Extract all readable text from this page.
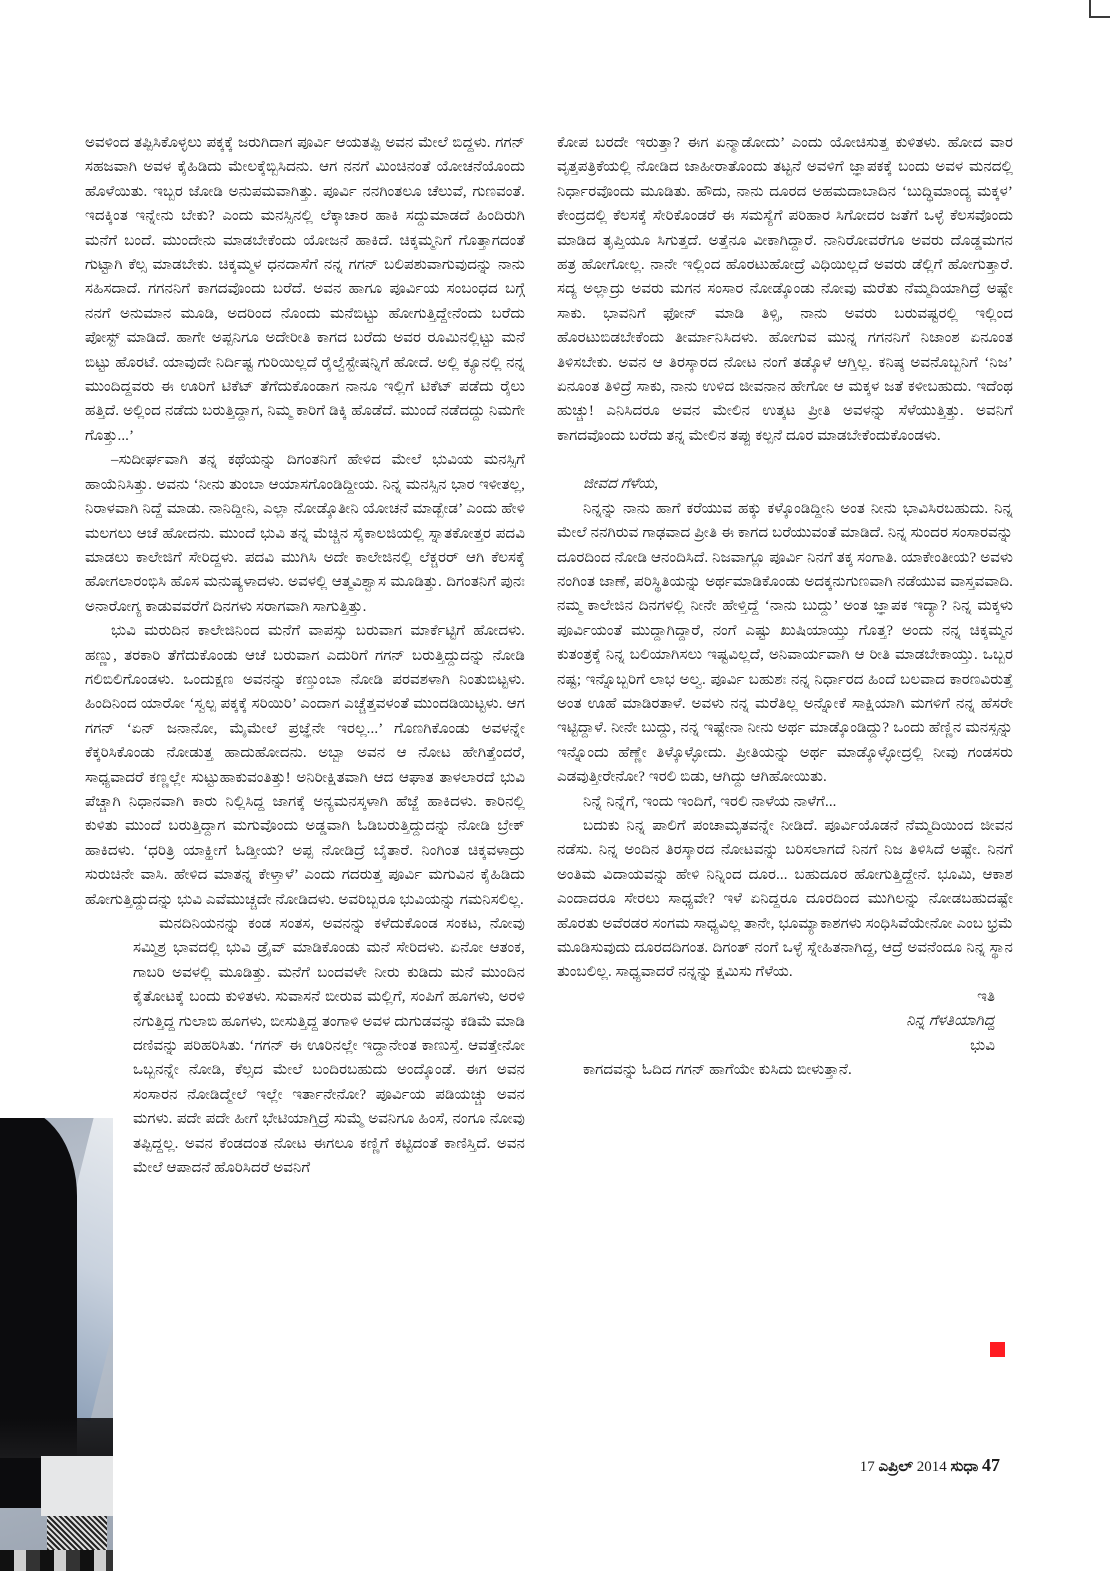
ಅವಳಿಂದ ತಪ್ಪಿಸಿಕೊಳ್ಳಲು ಪಕ್ಕಕ್ಕೆ ಜರುಗಿದಾಗ ಪೂರ್ವಿ ಆಯತಪ್ಪಿ ಅವನ ಮೇಲೆ ಬಿದ್ದಳು. ಗಗನ್ ಸಹಜವಾಗಿ ಅವಳ ಕೈಹಿಡಿದು ಮೇಲಕ್ಕೆಬ್ಬಿಸಿದನು. ಆಗ ನನಗೆ ಮಿಂಚಿನಂತೆ ಯೋಚನೆಯೊಂದು ಹೊಳೆಯಿತು. ಇಬ್ಬರ ಜೋಡಿ ಅನುಪಮವಾಗಿತ್ತು. ಪೂರ್ವಿ ನನಗಿಂತಲೂ ಚೆಲುವೆ, ಗುಣವಂತೆ. ಇದಕ್ಕಿಂತ ಇನ್ನೇನು ಬೇಕು? ಎಂದು ಮನಸ್ಸಿನಲ್ಲಿ ಲೆಕ್ಕಾಚಾರ ಹಾಕಿ ಸದ್ದುಮಾಡದೆ ಹಿಂದಿರುಗಿ ಮನೆಗೆ ಬಂದೆ. ಮುಂದೇನು ಮಾಡಬೇಕೆಂದು ಯೋಜನೆ ಹಾಕಿದೆ. ಚಿಕ್ಕಮ್ಮನಿಗೆ ಗೊತ್ತಾಗದಂತೆ ಗುಟ್ಟಾಗಿ ಕೆಲ್ಸ ಮಾಡಬೇಕು. ಚಿಕ್ಕಮ್ಮಳ ಧನದಾಸೆಗೆ ನನ್ನ ಗಗನ್ ಬಲಿಪಶುವಾಗುವುದನ್ನು ನಾನು ಸಹಿಸದಾದೆ. ಗಗನನಿಗೆ ಕಾಗದವೊಂದು ಬರೆದೆ. ಅವನ ಹಾಗೂ ಪೂರ್ವಿಯ ಸಂಬಂಧದ ಬಗ್ಗೆ ನನಗೆ ಅನುಮಾನ ಮೂಡಿ, ಅದರಿಂದ ನೊಂದು ಮನೆಬಿಟ್ಟು ಹೋಗುತ್ತಿದ್ದೇನೆಂದು ಬರೆದು ಪೋಸ್ಟ್ ಮಾಡಿದೆ. ಹಾಗೇ ಅಪ್ಪನಿಗೂ ಅದೇರೀತಿ ಕಾಗದ ಬರೆದು ಅವರ ರೂಮಿನಲ್ಲಿಟ್ಟು ಮನೆ ಬಿಟ್ಟು ಹೊರಟೆ. ಯಾವುದೇ ನಿರ್ದಿಷ್ಟ ಗುರಿಯಿಲ್ಲದೆ ರೈಲ್ವೆಸ್ಟೇಷನ್ನಿಗೆ ಹೋದೆ. ಅಲ್ಲಿ ಕ್ಯೂನಲ್ಲಿ ನನ್ನ ಮುಂದಿದ್ದವರು ಈ ಊರಿಗೆ ಟಿಕೆಟ್ ತೆಗೆದುಕೊಂಡಾಗ ನಾನೂ ಇಲ್ಲಿಗೆ ಟಿಕೆಟ್ ಪಡೆದು ರೈಲು ಹತ್ತಿದೆ. ಅಲ್ಲಿಂದ ನಡೆದು ಬರುತ್ತಿದ್ದಾಗ, ನಿಮ್ಮ ಕಾರಿಗೆ ಡಿಕ್ಕಿ ಹೊಡೆದೆ. ಮುಂದೆ ನಡೆದದ್ದು ನಿಮಗೇ ಗೊತ್ತು...’

–ಸುದೀರ್ಘವಾಗಿ ತನ್ನ ಕಥೆಯನ್ನು ದಿಗಂತನಿಗೆ ಹೇಳಿದ ಮೇಲೆ ಭುವಿಯ ಮನಸ್ಸಿಗೆ ಹಾಯೆನಿಸಿತ್ತು. ಅವನು ‘ನೀನು ತುಂಬಾ ಆಯಾಸಗೊಂಡಿದ್ದೀಯ. ನಿನ್ನ ಮನಸ್ಸಿನ ಭಾರ ಇಳೀತಲ್ಲ, ನಿರಾಳವಾಗಿ ನಿದ್ದೆ ಮಾಡು. ನಾನಿದ್ದೀನಿ, ಎಲ್ಲಾ ನೋಡ್ಕೊತೀನಿ ಯೋಚನೆ ಮಾಡ್ಬೇಡ’ ಎಂದು ಹೇಳಿ ಮಲಗಲು ಆಚೆ ಹೋದನು. ಮುಂದೆ ಭುವಿ ತನ್ನ ಮೆಚ್ಚಿನ ಸೈಕಾಲಜಿಯಲ್ಲಿ ಸ್ನಾತಕೋತ್ತರ ಪದವಿ ಮಾಡಲು ಕಾಲೇಜಿಗೆ ಸೇರಿದ್ದಳು. ಪದವಿ ಮುಗಿಸಿ ಅದೇ ಕಾಲೇಜಿನಲ್ಲಿ ಲೆಕ್ಚರರ್ ಆಗಿ ಕೆಲಸಕ್ಕೆ ಹೋಗಲಾರಂಭಿಸಿ ಹೊಸ ಮನುಷ್ಯಳಾದಳು. ಅವಳಲ್ಲಿ ಆತ್ಮವಿಶ್ವಾಸ ಮೂಡಿತ್ತು. ದಿಗಂತನಿಗೆ ಪುನಃ ಅನಾರೋಗ್ಯ ಕಾಡುವವರೆಗೆ ದಿನಗಳು ಸರಾಗವಾಗಿ ಸಾಗುತ್ತಿತ್ತು.

ಭುವಿ ಮರುದಿನ ಕಾಲೇಜಿನಿಂದ ಮನೆಗೆ ವಾಪಸ್ಸು ಬರುವಾಗ ಮಾರ್ಕೆಟ್ಟಿಗೆ ಹೋದಳು. ಹಣ್ಣು, ತರಕಾರಿ ತೆಗೆದುಕೊಂಡು ಆಚೆ ಬರುವಾಗ ಎದುರಿಗೆ ಗಗನ್ ಬರುತ್ತಿದ್ದುದನ್ನು ನೋಡಿ ಗಲಿಬಿಲಿಗೊಂಡಳು. ಒಂದುಕ್ಷಣ ಅವನನ್ನು ಕಣ್ತುಂಬಾ ನೋಡಿ ಪರವಶಳಾಗಿ ನಿಂತುಬಿಟ್ಟಳು. ಹಿಂದಿನಿಂದ ಯಾರೋ ‘ಸ್ವಲ್ಪ ಪಕ್ಕಕ್ಕೆ ಸರಿಯಿರಿ’ ಎಂದಾಗ ಎಚ್ಚೆತ್ತವಳಂತೆ ಮುಂದಡಿಯಿಟ್ಟಳು. ಆಗ ಗಗನ್ ‘ಏನ್ ಜನಾನೋ, ಮೈಮೇಲೆ ಪ್ರಜ್ಞೆನೇ ಇರಲ್ಲ...’ ಗೊಣಗಿಕೊಂಡು ಅವಳನ್ನೇ ಕೆಕ್ಕರಿಸಿಕೊಂಡು ನೋಡುತ್ತ ಹಾದುಹೋದನು. ಅಬ್ಬಾ ಅವನ ಆ ನೋಟ ಹೇಗಿತ್ತೆಂದರೆ, ಸಾಧ್ಯವಾದರೆ ಕಣ್ಣಲ್ಲೇ ಸುಟ್ಟುಹಾಕುವಂತಿತ್ತು! ಅನಿರೀಕ್ಷಿತವಾಗಿ ಆದ ಆಘಾತ ತಾಳಲಾರದೆ ಭುವಿ ಪೆಚ್ಚಾಗಿ ನಿಧಾನವಾಗಿ ಕಾರು ನಿಲ್ಲಿಸಿದ್ದ ಜಾಗಕ್ಕೆ ಅನ್ಯಮನಸ್ಕಳಾಗಿ ಹೆಜ್ಜೆ ಹಾಕಿದಳು. ಕಾರಿನಲ್ಲಿ ಕುಳಿತು ಮುಂದೆ ಬರುತ್ತಿದ್ದಾಗ ಮಗುವೊಂದು ಅಡ್ಡವಾಗಿ ಓಡಿಬರುತ್ತಿದ್ದುದನ್ನು ನೋಡಿ ಬ್ರೇಕ್ ಹಾಕಿದಳು. ‘ಧರಿತ್ರಿ ಯಾಕ್ಹೀಗೆ ಓಡ್ತೀಯ? ಅಪ್ಪ ನೋಡಿದ್ರೆ ಬೈತಾರೆ. ನಿಂಗಿಂತ ಚಿಕ್ಕವಳಾದ್ರು ಸುರುಚಿನೇ ವಾಸಿ. ಹೇಳಿದ ಮಾತನ್ನ ಕೇಳ್ತಾಳೆ’ ಎಂದು ಗದರುತ್ತ ಪೂರ್ವಿ ಮಗುವಿನ ಕೈಹಿಡಿದು ಹೋಗುತ್ತಿದ್ದುದನ್ನು ಭುವಿ ಎವೆಮುಚ್ಚದೇ ನೋಡಿದಳು. ಅವರಿಬ್ಬರೂ ಭುವಿಯನ್ನು ಗಮನಿಸಲಿಲ್ಲ.

ಮನದಿನಿಯನನ್ನು ಕಂಡ ಸಂತಸ, ಅವನನ್ನು ಕಳೆದುಕೊಂಡ ಸಂಕಟ, ನೋವು ಸಮ್ಮಿಶ್ರ ಭಾವದಲ್ಲಿ ಭುವಿ ಡ್ರೈವ್ ಮಾಡಿಕೊಂಡು ಮನೆ ಸೇರಿದಳು. ಏನೋ ಆತಂಕ, ಗಾಬರಿ ಅವಳಲ್ಲಿ ಮೂಡಿತ್ತು. ಮನೆಗೆ ಬಂದವಳೇ ನೀರು ಕುಡಿದು ಮನೆ ಮುಂದಿನ ಕೈತೋಟಕ್ಕೆ ಬಂದು ಕುಳಿತಳು. ಸುವಾಸನೆ ಬೀರುವ ಮಲ್ಲಿಗೆ, ಸಂಪಿಗೆ ಹೂಗಳು, ಅರಳಿ ನಗುತ್ತಿದ್ದ ಗುಲಾಬಿ ಹೂಗಳು, ಬೀಸುತ್ತಿದ್ದ ತಂಗಾಳಿ ಅವಳ ದುಗುಡವನ್ನು ಕಡಿಮೆ ಮಾಡಿ ದಣಿವನ್ನು ಪರಿಹರಿಸಿತು. ‘ಗಗನ್ ಈ ಊರಿನಲ್ಲೇ ಇದ್ದಾನೇಂತ ಕಾಣುಸ್ತೆ. ಆವತ್ತೇನೋ ಒಬ್ಬನನ್ನೇ ನೋಡಿ, ಕೆಲ್ಸದ ಮೇಲೆ ಬಂದಿರಬಹುದು ಅಂದ್ಕೊಂಡೆ. ಈಗ ಅವನ ಸಂಸಾರನ ನೋಡಿದ್ಮೇಲೆ ಇಲ್ಲೇ ಇರ್ತಾನೇನೋ? ಪೂರ್ವಿಯ ಪಡಿಯಚ್ಚು ಅವನ ಮಗಳು. ಪದೇ ಪದೇ ಹೀಗೆ ಭೇಟಿಯಾಗ್ತಿದ್ರೆ ಸುಮ್ಮೆ ಅವನಿಗೂ ಹಿಂಸೆ, ನಂಗೂ ನೋವು ತಪ್ಪಿದ್ದಲ್ಲ. ಅವನ ಕೆಂಡದಂತ ನೋಟ ಈಗಲೂ ಕಣ್ಣಿಗೆ ಕಟ್ಟಿದಂತೆ ಕಾಣಿಸ್ತಿದೆ. ಅವನ ಮೇಲೆ ಆಪಾದನೆ ಹೊರಿಸಿದರೆ ಅವನಿಗೆ

ಕೋಪ ಬರದೇ ಇರುತ್ತಾ? ಈಗ ಏನ್ಮಾಡೋದು’ ಎಂದು ಯೋಚಿಸುತ್ತ ಕುಳಿತಳು. ಹೋದ ವಾರ ವೃತ್ತಪತ್ರಿಕೆಯಲ್ಲಿ ನೋಡಿದ ಜಾಹೀರಾತೊಂದು ತಟ್ಟನೆ ಅವಳಿಗೆ ಜ್ಞಾಪಕಕ್ಕೆ ಬಂದು ಅವಳ ಮನದಲ್ಲಿ ನಿರ್ಧಾರವೊಂದು ಮೂಡಿತು. ಹೌದು, ನಾನು ದೂರದ ಅಹಮದಾಬಾದಿನ ‘ಬುದ್ಧಿಮಾಂದ್ಯ ಮಕ್ಕಳ’ ಕೇಂದ್ರದಲ್ಲಿ ಕೆಲಸಕ್ಕೆ ಸೇರಿಕೊಂಡರೆ ಈ ಸಮಸ್ಯೆಗೆ ಪರಿಹಾರ ಸಿಗೋದರ ಜತೆಗೆ ಒಳ್ಳೆ ಕೆಲಸವೊಂದು ಮಾಡಿದ ತೃಪ್ತಿಯೂ ಸಿಗುತ್ತದೆ. ಅತ್ತೆನೂ ವೀಕಾಗಿದ್ದಾರೆ. ನಾನಿರೋವರೆಗೂ ಅವರು ದೊಡ್ಡಮಗನ ಹತ್ರ ಹೋಗೋಲ್ಲ. ನಾನೇ ಇಲ್ಲಿಂದ ಹೊರಟುಹೋದ್ರೆ ವಿಧಿಯಿಲ್ಲದೆ ಅವರು ಡೆಲ್ಲಿಗೆ ಹೋಗುತ್ತಾರೆ. ಸದ್ಯ ಅಲ್ಲಾದ್ರು ಅವರು ಮಗನ ಸಂಸಾರ ನೋಡ್ಕೊಂಡು ನೋವು ಮರೆತು ನೆಮ್ಮದಿಯಾಗಿದ್ರೆ ಅಷ್ಟೇ ಸಾಕು. ಭಾವನಿಗೆ ಫೋನ್ ಮಾಡಿ ತಿಳ್ಸಿ, ನಾನು ಅವರು ಬರುವಷ್ಟರಲ್ಲಿ ಇಲ್ಲಿಂದ ಹೊರಟುಬಿಡಬೇಕೆಂದು ತೀರ್ಮಾನಿಸಿದಳು. ಹೋಗುವ ಮುನ್ನ ಗಗನನಿಗೆ ನಿಜಾಂಶ ಏನೂಂತ ತಿಳಿಸಬೇಕು. ಅವನ ಆ ತಿರಸ್ಕಾರದ ನೋಟ ನಂಗೆ ತಡ್ಕೊಳೆ ಆಗ್ತಿಲ್ಲ. ಕನಿಷ್ಠ ಅವನೊಬ್ಬನಿಗೆ ‘ನಿಜ’ ಏನೂಂತ ತಿಳಿದ್ರೆ ಸಾಕು, ನಾನು ಉಳಿದ ಜೀವನಾನ ಹೇಗೋ ಆ ಮಕ್ಕಳ ಜತೆ ಕಳೀಬಹುದು. ಇದೆಂಥ ಹುಚ್ಚು! ಎನಿಸಿದರೂ ಅವನ ಮೇಲಿನ ಉತ್ಕಟ ಪ್ರೀತಿ ಅವಳನ್ನು ಸೆಳೆಯುತ್ತಿತ್ತು. ಅವನಿಗೆ ಕಾಗದವೊಂದು ಬರೆದು ತನ್ನ ಮೇಲಿನ ತಪ್ಪು ಕಲ್ಪನೆ ದೂರ ಮಾಡಬೇಕೆಂದುಕೊಂಡಳು.

ಜೀವದ ಗೆಳೆಯ,

ನಿನ್ನನ್ನು ನಾನು ಹಾಗೆ ಕರೆಯುವ ಹಕ್ಕು ಕಳ್ಕೊಂಡಿದ್ದೀನಿ ಅಂತ ನೀನು ಭಾವಿಸಿರಬಹುದು. ನಿನ್ನ ಮೇಲೆ ನನಗಿರುವ ಗಾಢವಾದ ಪ್ರೀತಿ ಈ ಕಾಗದ ಬರೆಯುವಂತೆ ಮಾಡಿದೆ. ನಿನ್ನ ಸುಂದರ ಸಂಸಾರವನ್ನು ದೂರದಿಂದ ನೋಡಿ ಆನಂದಿಸಿದೆ. ನಿಜವಾಗ್ಲೂ ಪೂರ್ವಿ ನಿನಗೆ ತಕ್ಕ ಸಂಗಾತಿ. ಯಾಕೇಂತೀಯ? ಅವಳು ನಂಗಿಂತ ಜಾಣೆ, ಪರಿಸ್ಥಿತಿಯನ್ನು ಅರ್ಥಮಾಡಿಕೊಂಡು ಅದಕ್ಕನುಗುಣವಾಗಿ ನಡೆಯುವ ವಾಸ್ತವವಾದಿ. ನಮ್ಮ ಕಾಲೇಜಿನ ದಿನಗಳಲ್ಲಿ ನೀನೇ ಹೇಳ್ತಿದ್ದೆ ‘ನಾನು ಬುದ್ದು’ ಅಂತ ಜ್ಞಾಪಕ ಇದ್ಯಾ? ನಿನ್ನ ಮಕ್ಕಳು ಪೂರ್ವಿಯಂತೆ ಮುದ್ದಾಗಿದ್ದಾರೆ, ನಂಗೆ ಎಷ್ಟು ಖುಷಿಯಾಯ್ತು ಗೊತ್ತ? ಅಂದು ನನ್ನ ಚಿಕ್ಕಮ್ಮನ ಕುತಂತ್ರಕ್ಕೆ ನಿನ್ನ ಬಲಿಯಾಗಿಸಲು ಇಷ್ಟವಿಲ್ಲದೆ, ಅನಿವಾರ್ಯವಾಗಿ ಆ ರೀತಿ ಮಾಡಬೇಕಾಯ್ತು. ಒಬ್ಬರ ನಷ್ಟ; ಇನ್ನೊಬ್ಬರಿಗೆ ಲಾಭ ಅಲ್ವ. ಪೂರ್ವಿ ಬಹುಶಃ ನನ್ನ ನಿರ್ಧಾರದ ಹಿಂದೆ ಬಲವಾದ ಕಾರಣವಿರುತ್ತೆ ಅಂತ ಊಹೆ ಮಾಡಿರತಾಳೆ. ಅವಳು ನನ್ನ ಮರೆತಿಲ್ಲ ಅನ್ನೋಕೆ ಸಾಕ್ಷಿಯಾಗಿ ಮಗಳಿಗೆ ನನ್ನ ಹೆಸರೇ ಇಟ್ಟಿದ್ದಾಳೆ. ನೀನೇ ಬುದ್ದು, ನನ್ನ ಇಷ್ಟೇನಾ ನೀನು ಅರ್ಥ ಮಾಡ್ಕೊಂಡಿದ್ದು? ಒಂದು ಹೆಣ್ಣಿನ ಮನಸ್ಸನ್ನು ಇನ್ನೊಂದು ಹೆಣ್ಣೇ ತಿಳ್ಕೊಳ್ಳೋದು. ಪ್ರೀತಿಯನ್ನು ಅರ್ಥ ಮಾಡ್ಕೊಳ್ಳೋದ್ರಲ್ಲಿ ನೀವು ಗಂಡಸರು ಎಡವುತ್ತೀರೇನೋ? ಇರಲಿ ಬಿಡು, ಆಗಿದ್ದು ಆಗಿಹೋಯಿತು.

ನಿನ್ನೆ ನಿನ್ನೆಗೆ, ಇಂದು ಇಂದಿಗೆ, ಇರಲಿ ನಾಳೆಯ ನಾಳೆಗೆ...

ಬದುಕು ನಿನ್ನ ಪಾಲಿಗೆ ಪಂಚಾಮೃತವನ್ನೇ ನೀಡಿದೆ. ಪೂರ್ವಿಯೊಡನೆ ನೆಮ್ಮದಿಯಿಂದ ಜೀವನ ನಡೆಸು. ನಿನ್ನ ಅಂದಿನ ತಿರಸ್ಕಾರದ ನೋಟವನ್ನು ಬರಿಸಲಾಗದೆ ನಿನಗೆ ನಿಜ ತಿಳಿಸಿದೆ ಅಷ್ಟೇ. ನಿನಗೆ ಅಂತಿಮ ವಿದಾಯವನ್ನು ಹೇಳಿ ನಿನ್ನಿಂದ ದೂರ... ಬಹುದೂರ ಹೋಗುತ್ತಿದ್ದೇನೆ. ಭೂಮಿ, ಆಕಾಶ ಎಂದಾದರೂ ಸೇರಲು ಸಾಧ್ಯವೇ? ಇಳೆ ಏನಿದ್ದರೂ ದೂರದಿಂದ ಮುಗಿಲನ್ನು ನೋಡಬಹುದಷ್ಟೇ ಹೊರತು ಅವೆರಡರ ಸಂಗಮ ಸಾಧ್ಯವಿಲ್ಲ ತಾನೇ, ಭೂಮ್ಯಾಕಾಶಗಳು ಸಂಧಿಸಿವೆಯೇನೋ ಎಂಬ ಭ್ರಮೆ ಮೂಡಿಸುವುದು ದೂರದದಿಗಂತ. ದಿಗಂತ್ ನಂಗೆ ಒಳ್ಳೆ ಸ್ನೇಹಿತನಾಗಿದ್ದ, ಆದ್ರೆ ಅವನೆಂದೂ ನಿನ್ನ ಸ್ಥಾನ ತುಂಬಲಿಲ್ಲ. ಸಾಧ್ಯವಾದರೆ ನನ್ನನ್ನು ಕ್ಷಮಿಸು ಗೆಳೆಯ.

ಇತಿ

ನಿನ್ನ ಗೆಳತಿಯಾಗಿದ್ದ

ಭುವಿ

ಕಾಗದವನ್ನು ಓದಿದ ಗಗನ್ ಹಾಗೆಯೇ ಕುಸಿದು ಬೀಳುತ್ತಾನೆ.

17 ಎಪ್ರಿಲ್ 2014 ಸುಧಾ 47
